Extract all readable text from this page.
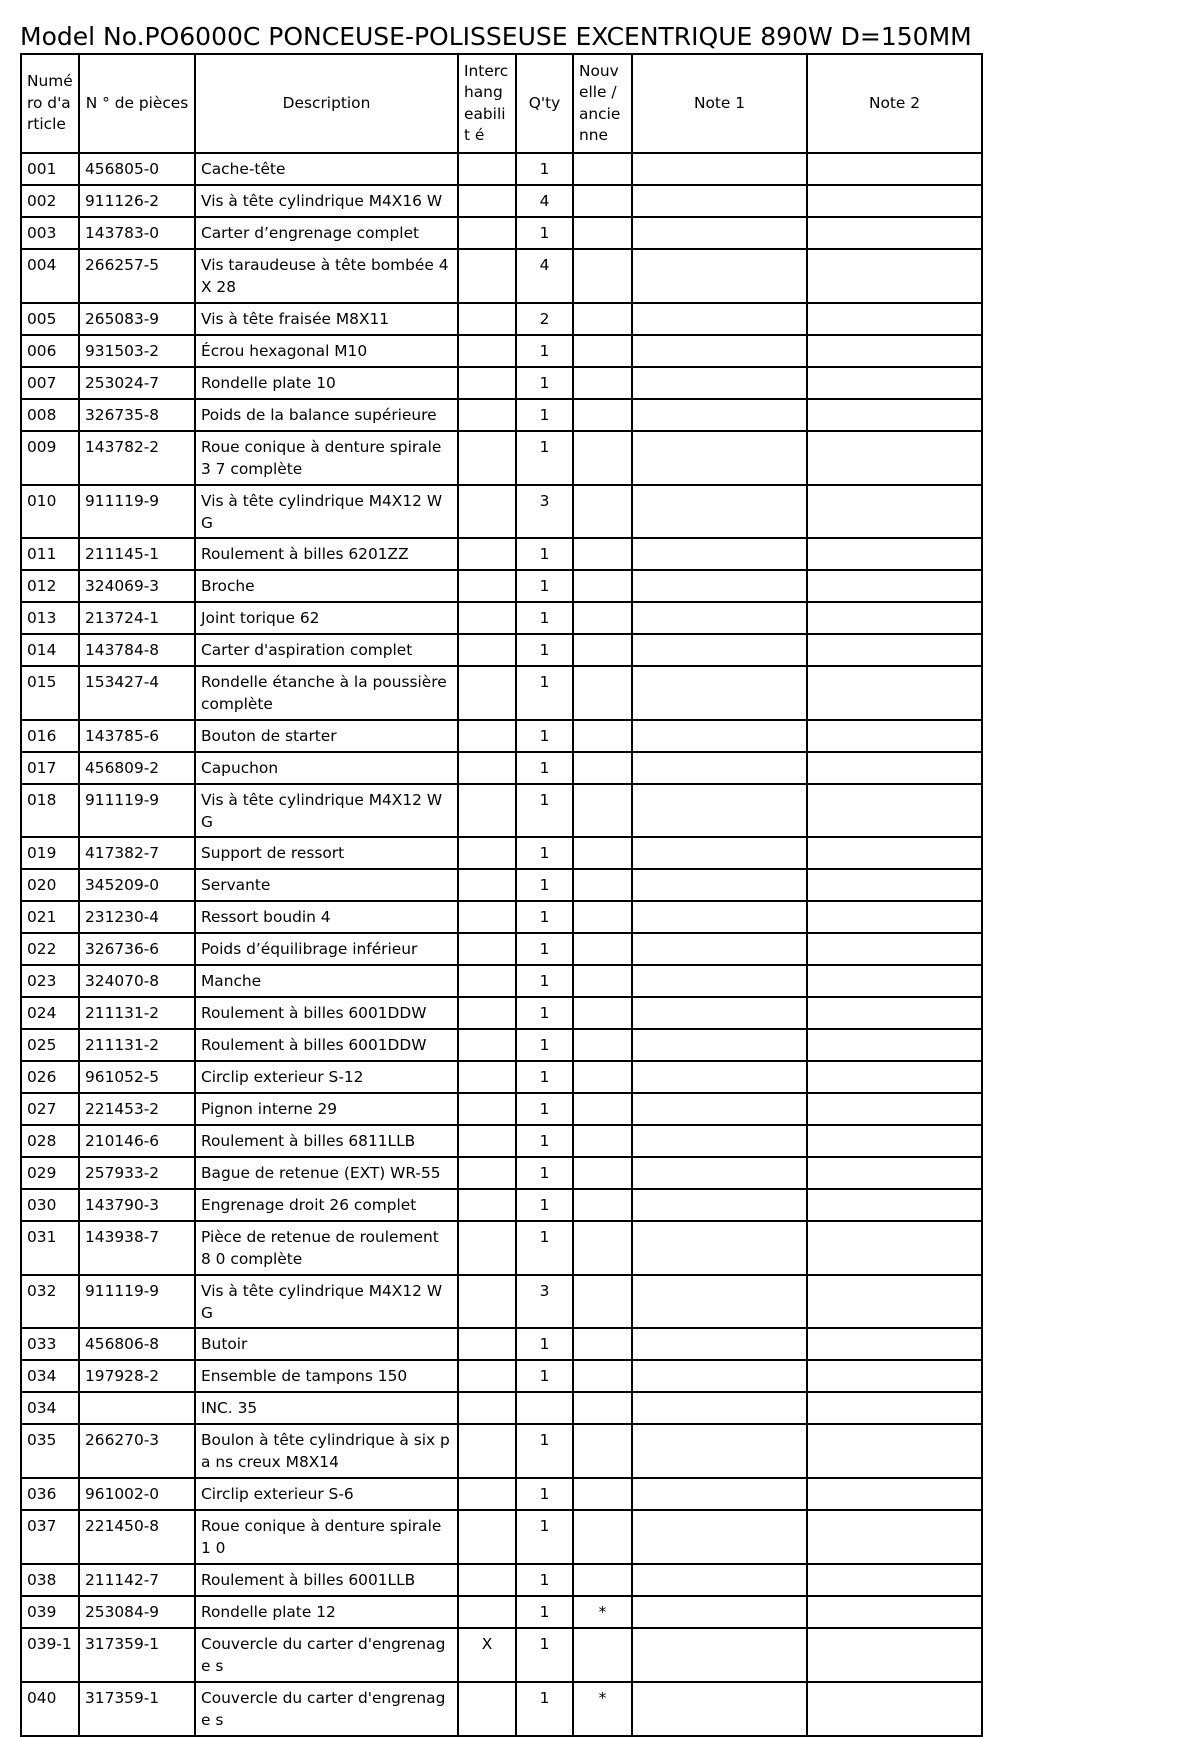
Model No.PO6000C PONCEUSE-POLISSEUSE EXCENTRIQUE 890W D=150MM
Numé ro d'a rticle	N ° de pièces	Description	Interc hang eabilit é	Q'ty	Nouv elle / ancie nne	Note 1	Note 2
001	456805-0	Cache-tête		1			
002	911126-2	Vis à tête cylindrique M4X16 W		4			
003	143783-0	Carter d’engrenage complet		1			
004	266257-5	Vis taraudeuse à tête bombée 4X 28		4			
005	265083-9	Vis à tête fraisée M8X11		2			
006	931503-2	Écrou hexagonal M10		1			
007	253024-7	Rondelle plate 10		1			
008	326735-8	Poids de la balance supérieure		1			
009	143782-2	Roue conique à denture spirale 3 7 complète		1			
010	911119-9	Vis à tête cylindrique M4X12 WG		3			
011	211145-1	Roulement à billes 6201ZZ		1			
012	324069-3	Broche		1			
013	213724-1	Joint torique 62		1			
014	143784-8	Carter d'aspiration complet		1			
015	153427-4	Rondelle étanche à la poussière complète		1			
016	143785-6	Bouton de starter		1			
017	456809-2	Capuchon		1			
018	911119-9	Vis à tête cylindrique M4X12 WG		1			
019	417382-7	Support de ressort		1			
020	345209-0	Servante		1			
021	231230-4	Ressort boudin 4		1			
022	326736-6	Poids d’équilibrage inférieur		1			
023	324070-8	Manche		1			
024	211131-2	Roulement à billes 6001DDW		1			
025	211131-2	Roulement à billes 6001DDW		1			
026	961052-5	Circlip exterieur S-12		1			
027	221453-2	Pignon interne 29		1			
028	210146-6	Roulement à billes 6811LLB		1			
029	257933-2	Bague de retenue (EXT) WR-55		1			
030	143790-3	Engrenage droit 26 complet		1			
031	143938-7	Pièce de retenue de roulement 8 0 complète		1			
032	911119-9	Vis à tête cylindrique M4X12 WG		3			
033	456806-8	Butoir		1			
034	197928-2	Ensemble de tampons 150		1			
034		INC. 35					
035	266270-3	Boulon à tête cylindrique à six pa ns creux M8X14		1			
036	961002-0	Circlip exterieur S-6		1			
037	221450-8	Roue conique à denture spirale 1 0		1			
038	211142-7	Roulement à billes 6001LLB		1			
039	253084-9	Rondelle plate 12		1	*		
039-1	317359-1	Couvercle du carter d'engrenage s	X	1			
040	317359-1	Couvercle du carter d'engrenage s		1	*		
